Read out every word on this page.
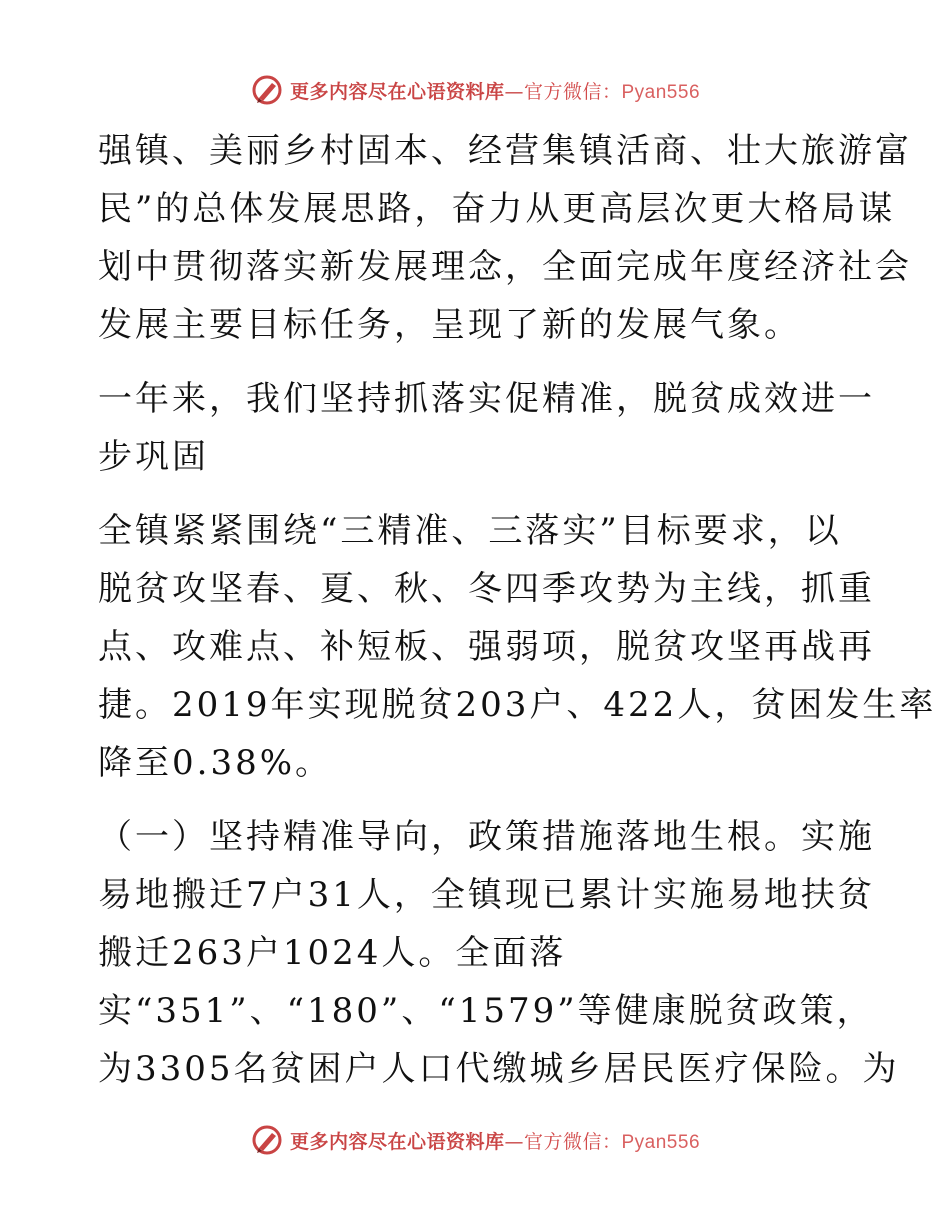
更多内容尽在心语资料库—官方微信：Pyan556

强镇、美丽乡村固本、经营集镇活商、壮大旅游富
民”的总体发展思路，奋力从更高层次更大格局谋
划中贯彻落实新发展理念，全面完成年度经济社会
发展主要目标任务，呈现了新的发展气象。

一年来，我们坚持抓落实促精准，脱贫成效进一
步巩固

全镇紧紧围绕“三精准、三落实”目标要求，以
脱贫攻坚春、夏、秋、冬四季攻势为主线，抓重
点、攻难点、补短板、强弱项，脱贫攻坚再战再
捷。2019年实现脱贫203户、422人，贫困发生率
降至0.38%。

（一）坚持精准导向，政策措施落地生根。实施
易地搬迁7户31人，全镇现已累计实施易地扶贫
搬迁263户1024人。全面落
实“351”、“180”、“1579”等健康脱贫政策，
为3305名贫困户人口代缴城乡居民医疗保险。为

更多内容尽在心语资料库—官方微信：Pyan556
